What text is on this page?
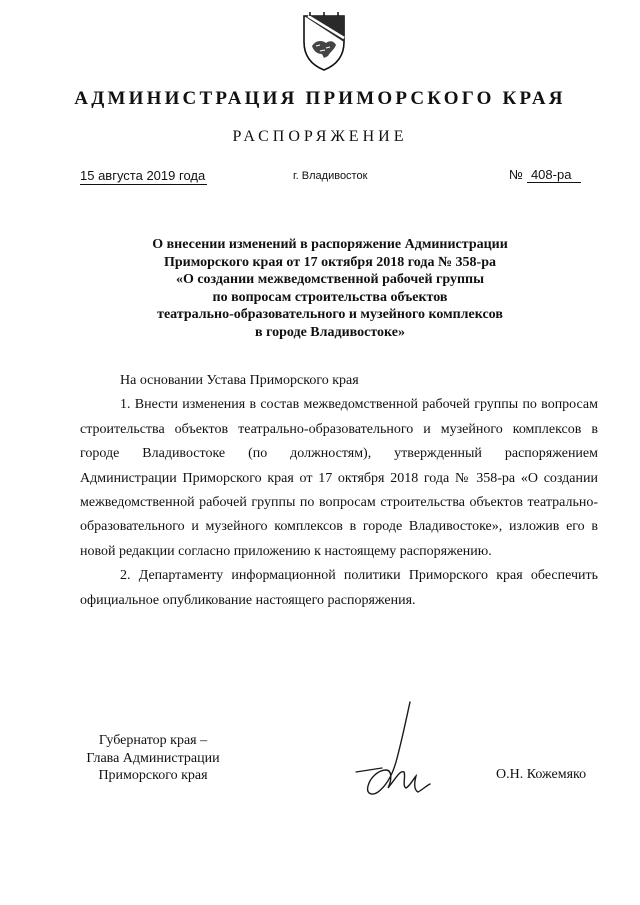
АДМИНИСТРАЦИЯ ПРИМОРСКОГО КРАЯ
РАСПОРЯЖЕНИЕ
15 августа 2019 года	г. Владивосток	№ 408-ра
О внесении изменений в распоряжение Администрации
Приморского края от 17 октября 2018 года № 358-ра
«О создании межведомственной рабочей группы
по вопросам строительства объектов
театрально-образовательного и музейного комплексов
в городе Владивостоке»
На основании Устава Приморского края
1. Внести изменения в состав межведомственной рабочей группы по вопросам строительства объектов театрально-образовательного и музейного комплексов в городе Владивостоке (по должностям), утвержденный распоряжением Администрации Приморского края от 17 октября 2018 года № 358-ра «О создании межведомственной рабочей группы по вопросам строительства объектов театрально-образовательного и музейного комплексов в городе Владивостоке», изложив его в новой редакции согласно приложению к настоящему распоряжению.
2. Департаменту информационной политики Приморского края обеспечить официальное опубликование настоящего распоряжения.
Губернатор края –
Глава Администрации
Приморского края	О.Н. Кожемяко
